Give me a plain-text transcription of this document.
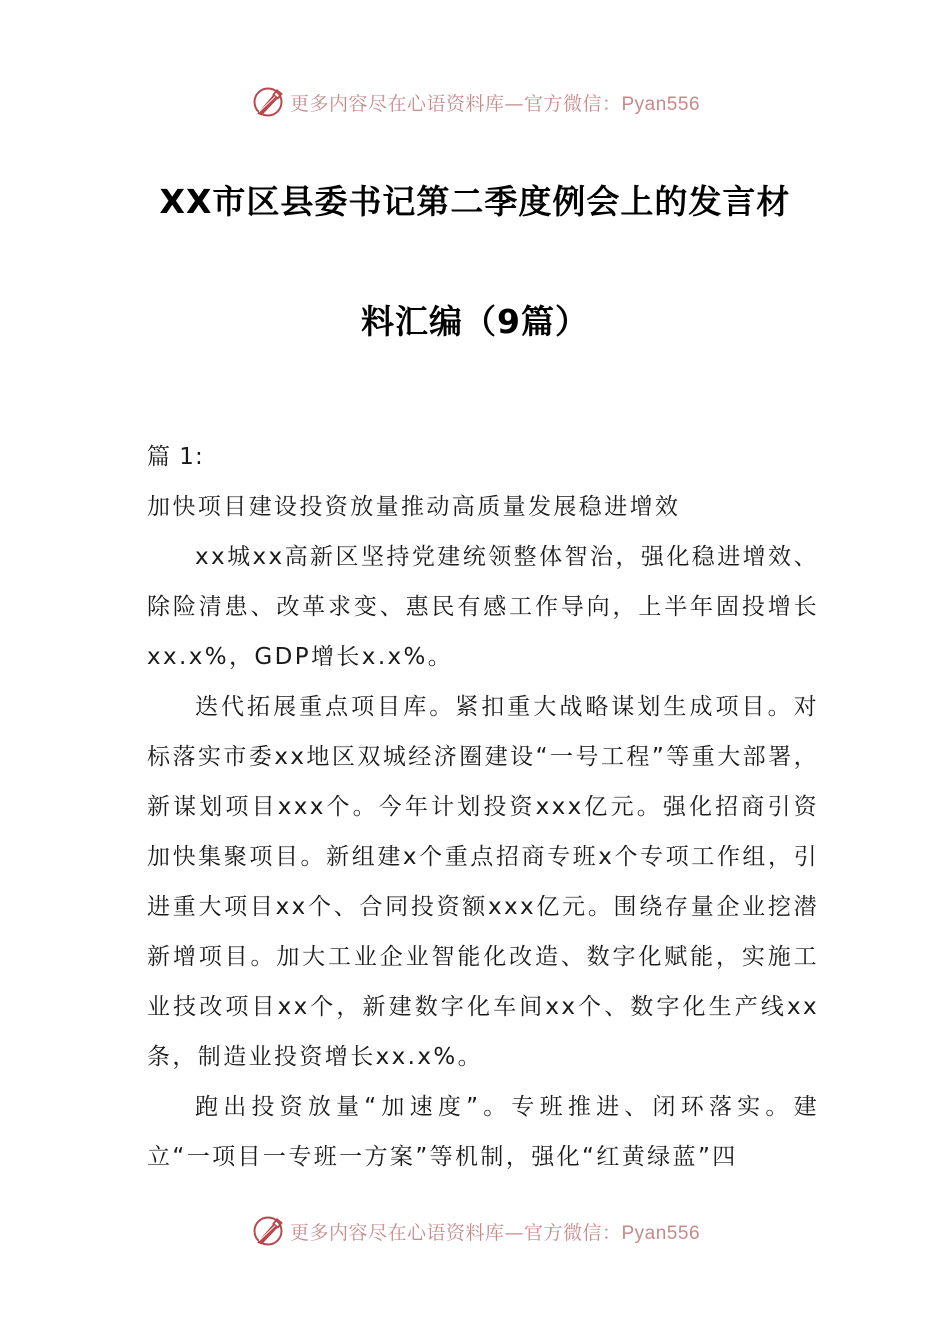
更多内容尽在心语资料库—官方微信：Pyan556
XX市区县委书记第二季度例会上的发言材
料汇编（9篇）

篇 1:

加快项目建设投资放量推动高质量发展稳进增效

xx城xx高新区坚持党建统领整体智治，强化稳进增效、除险清患、改革求变、惠民有感工作导向，上半年固投增长xx.x%，GDP增长x.x%。

迭代拓展重点项目库。紧扣重大战略谋划生成项目。对标落实市委xx地区双城经济圈建设“一号工程”等重大部署，新谋划项目xxx个。今年计划投资xxx亿元。强化招商引资加快集聚项目。新组建x个重点招商专班x个专项工作组，引进重大项目xx个、合同投资额xxx亿元。围绕存量企业挖潜新增项目。加大工业企业智能化改造、数字化赋能，实施工业技改项目xx个，新建数字化车间xx个、数字化生产线xx条，制造业投资增长xx.x%。

跑出投资放量“加速度”。专班推进、闭环落实。建立“一项目一专班一方案”等机制，强化“红黄绿蓝”四

更多内容尽在心语资料库—官方微信：Pyan556
